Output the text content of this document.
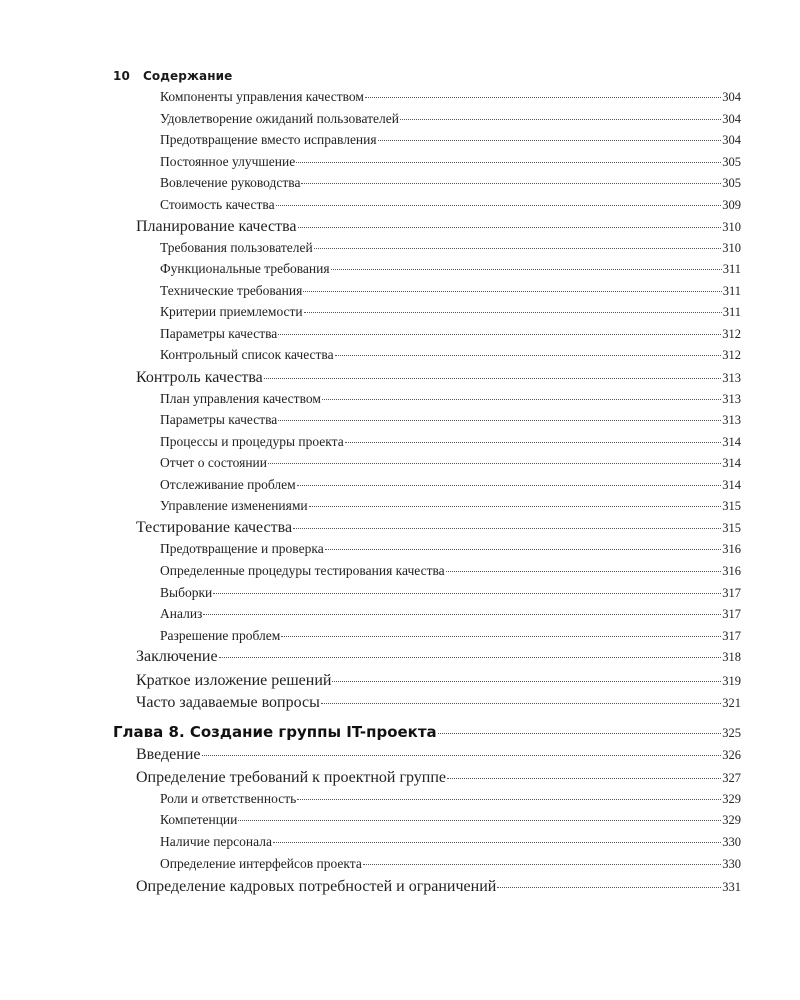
10 Содержание
Компоненты управления качеством	304
Удовлетворение ожиданий пользователей	304
Предотвращение вместо исправления	304
Постоянное улучшение	305
Вовлечение руководства	305
Стоимость качества	309
Планирование качества	310
Требования пользователей	310
Функциональные требования	311
Технические требования	311
Критерии приемлемости	311
Параметры качества	312
Контрольный список качества	312
Контроль качества	313
План управления качеством	313
Параметры качества	313
Процессы и процедуры проекта	314
Отчет о состоянии	314
Отслеживание проблем	314
Управление изменениями	315
Тестирование качества	315
Предотвращение и проверка	316
Определенные процедуры тестирования качества	316
Выборки	317
Анализ	317
Разрешение проблем	317
Заключение	318
Краткое изложение решений	319
Часто задаваемые вопросы	321
Глава 8. Создание группы IT-проекта	325
Введение	326
Определение требований к проектной группе	327
Роли и ответственность	329
Компетенции	329
Наличие персонала	330
Определение интерфейсов проекта	330
Определение кадровых потребностей и ограничений	331
